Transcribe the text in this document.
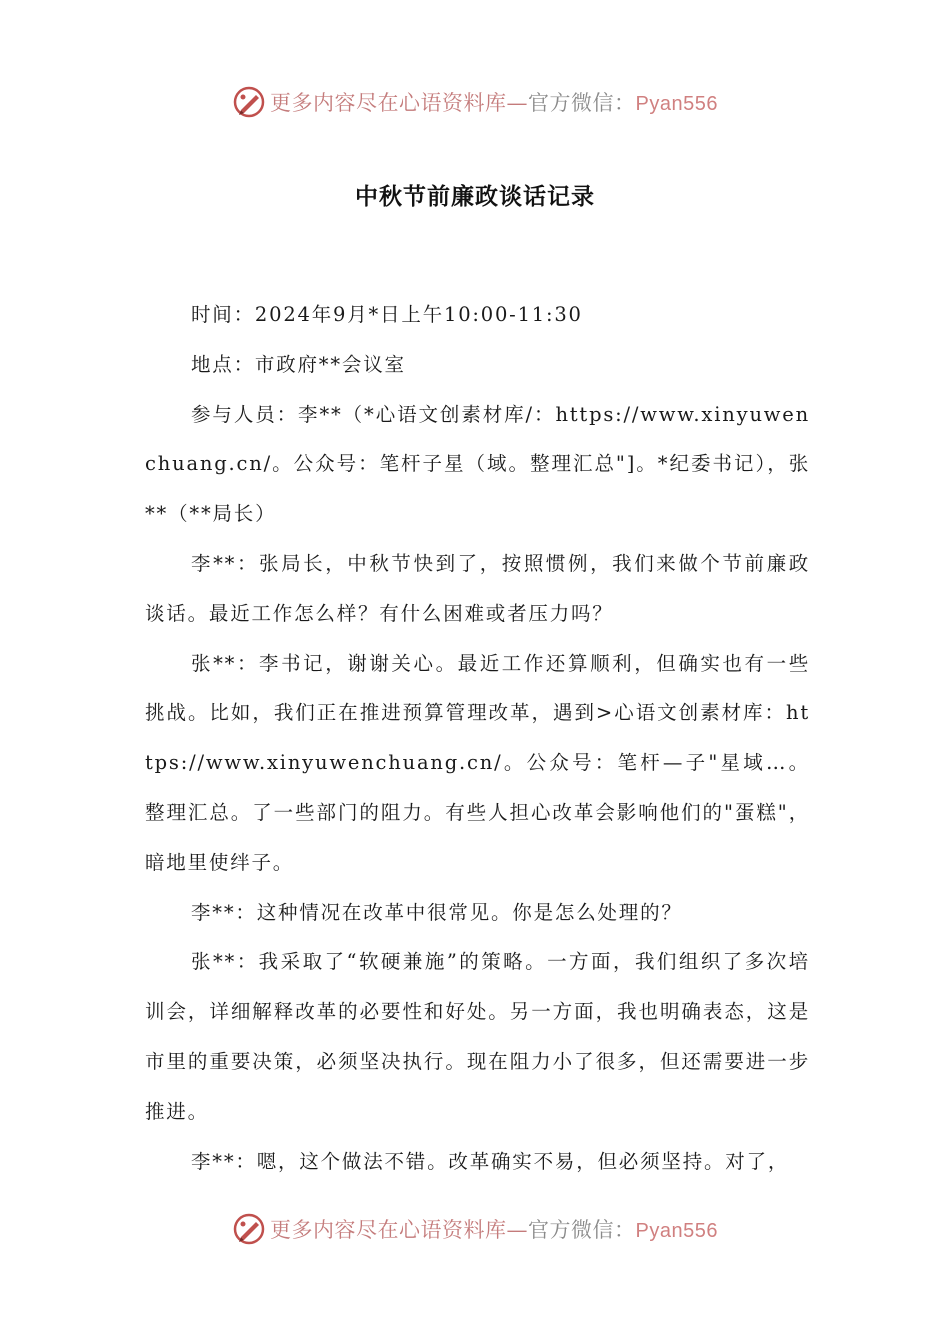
更多内容尽在心语资料库—官方微信：Pyan556
中秋节前廉政谈话记录

时间：2024年9月*日上午10:00-11:30

地点：市政府**会议室

参与人员：李**（*心语文创素材库/：https://www.xinyuwenchuang.cn/。公众号：笔杆子星（域。整理汇总"]。*纪委书记），张**（**局长）

李**：张局长，中秋节快到了，按照惯例，我们来做个节前廉政谈话。最近工作怎么样？有什么困难或者压力吗？

张**：李书记，谢谢关心。最近工作还算顺利，但确实也有一些挑战。比如，我们正在推进预算管理改革，遇到>心语文创素材库：https://www.xinyuwenchuang.cn/。公众号：笔杆—子"星域…。整理汇总。了一些部门的阻力。有些人担心改革会影响他们的"蛋糕"，暗地里使绊子。

李**：这种情况在改革中很常见。你是怎么处理的？

张**：我采取了“软硬兼施”的策略。一方面，我们组织了多次培训会，详细解释改革的必要性和好处。另一方面，我也明确表态，这是市里的重要决策，必须坚决执行。现在阻力小了很多，但还需要进一步推进。

李**：嗯，这个做法不错。改革确实不易，但必须坚持。对了，

更多内容尽在心语资料库—官方微信：Pyan556
